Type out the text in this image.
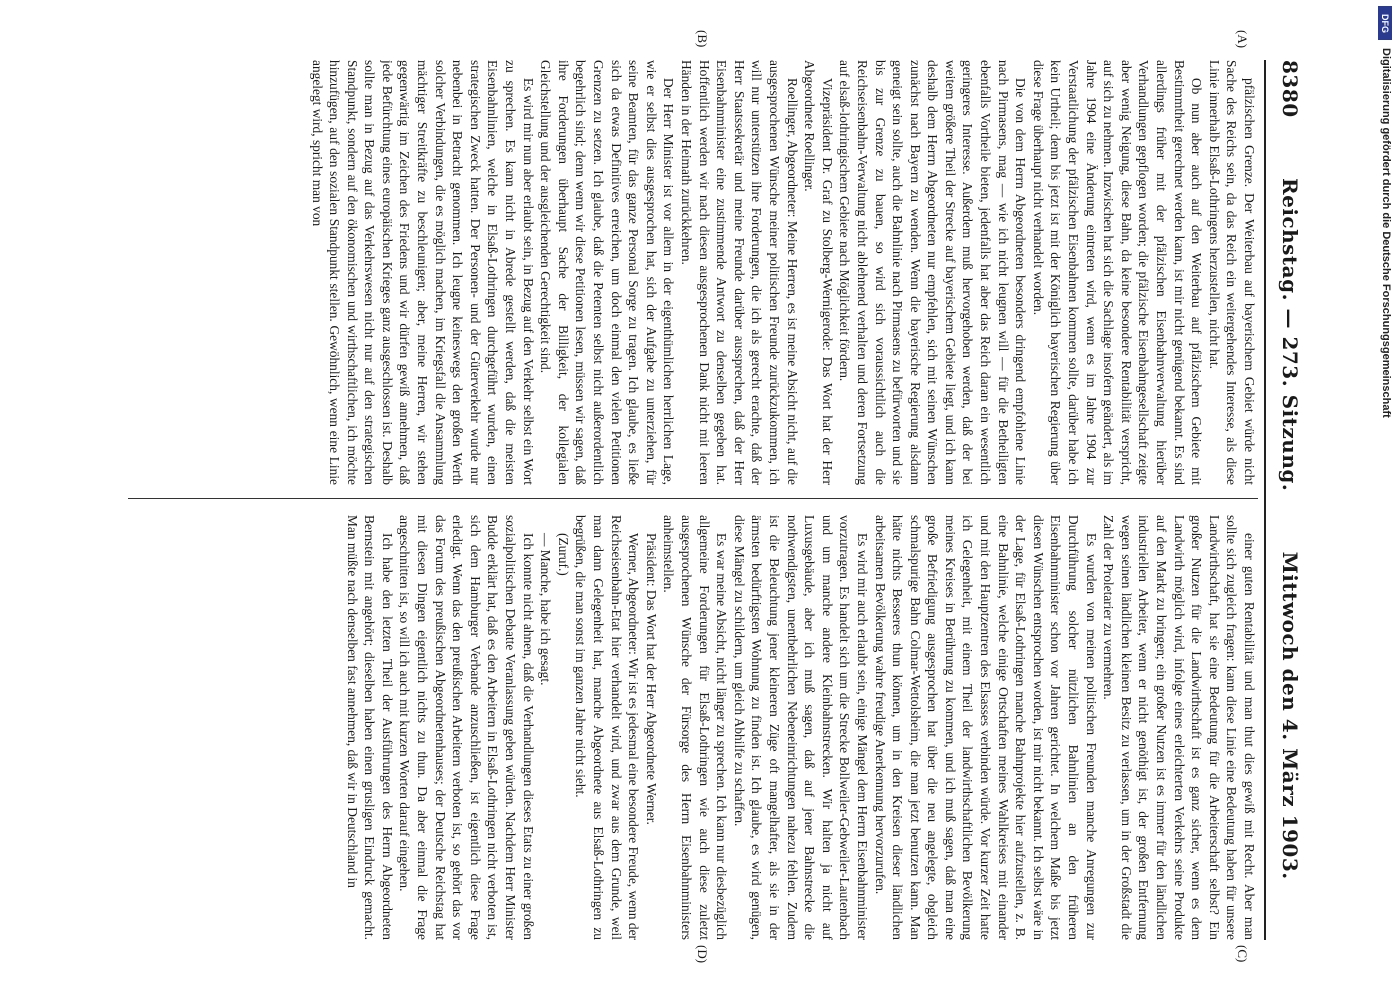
8380
Reichstag. — 273. Sitzung.
Mittwoch den 4. März 1903.
(A)
(B)
(C)
(D)

pfälzischen Grenze. Der Weiterbau auf bayerischem Gebiet würde nicht Sache des Reichs sein, da das Reich ein weitergehendes Interesse, als diese Linie innerhalb Elsaß-Lothringens herzustellen, nicht hat.

Ob nun aber auch auf den Weiterbau auf pfälzischem Gebiete mit Bestimmtheit gerechnet werden kann, ist mir nicht genügend bekannt. Es sind allerdings früher mit der pfälzischen Eisenbahnverwaltung hierüber Verhandlungen gepflogen worden; die pfälzische Eisenbahngesellschaft zeigte aber wenig Neigung, diese Bahn, da keine besondere Rentabilität verspricht, auf sich zu nehmen. Inzwischen hat sich die Sachlage insofern geändert, als im Jahre 1904 eine Änderung eintreten wird, wenn es im Jahre 1904 zur Verstaatlichung der pfälzischen Eisenbahnen kommen sollte, darüber habe ich kein Urtheil; denn bis jetzt ist mit der Königlich bayerischen Regierung über diese Frage überhaupt nicht verhandelt worden.

Die von dem Herrn Abgeordneten besonders dringend empfohlene Linie nach Pirmasens, mag — wie ich nicht leugnen will — für die Betheiligten ebenfalls Vortheile bieten, jedenfalls hat aber das Reich daran ein wesentlich geringeres Interesse. Außerdem muß hervorgehoben werden, daß der bei weitem größere Theil der Strecke auf bayerischem Gebiete liegt, und ich kann deshalb dem Herrn Abgeordneten nur empfehlen, sich mit seinen Wünschen zunächst nach Bayern zu wenden. Wenn die bayerische Regierung alsdann geneigt sein sollte, auch die Bahnlinie nach Pirmasens zu befürworten und sie bis zur Grenze zu bauen, so wird sich voraussichtlich auch die Reichseisenbahn-Verwaltung nicht ablehnend verhalten und deren Fortsetzung auf elsaß-lothringischem Gebiete nach Möglichkeit fördern.

Vizepräsident Dr. Graf zu Stolberg-Wernigerode: Das Wort hat der Herr Abgeordnete Roellinger.

Roellinger, Abgeordneter: Meine Herren, es ist meine Absicht nicht, auf die ausgesprochenen Wünsche meiner politischen Freunde zurückzukommen, ich will nur unterstützen ihre Forderungen, die ich als gerecht erachte, daß der Herr Staatssekretär und meine Freunde darüber aussprechen, daß der Herr Eisenbahnminister eine zustimmende Antwort zu denselben gegeben hat. Hoffentlich werden wir nach diesen ausgesprochenen Dank nicht mit leeren Händen in der Heimath zurückkehren.

Der Herr Minister ist vor allem in der eigenthümlichen herrlichen Lage, wie er selbst dies ausgesprochen hat, sich der Aufgabe zu unterziehen, für seine Beamten, für das ganze Personal Sorge zu tragen. Ich glaube, es ließe sich da etwas Definitives erreichen, um doch einmal den vielen Petitionen Grenzen zu setzen. Ich glaube, daß die Petenten selbst nicht außerordentlich begehrlich sind; denn wenn wir diese Petitionen lesen, müssen wir sagen, daß ihre Forderungen überhaupt Sache der Billigkeit, der kollegialen Gleichstellung und der ausgleichenden Gerechtigkeit sind.

Es wird mir nun aber erlaubt sein, in Bezug auf den Verkehr selbst ein Wort zu sprechen. Es kann nicht in Abrede gestellt werden, daß die meisten Eisenbahnlinien, welche in Elsaß-Lothringen durchgeführt wurden, einen strategischen Zweck hatten. Der Personen- und der Güterverkehr wurde nur nebenbei in Betracht genommen. Ich leugne keineswegs den großen Werth solcher Verbindungen, die es möglich machen, im Kriegsfall die Ansammlung mächtiger Streitkräfte zu beschleunigen; aber, meine Herren, wir stehen gegenwärtig im Zeichen des Friedens und wir dürfen gewiß annehmen, daß jede Befürchtung eines europäischen Krieges ganz ausgeschlossen ist. Deshalb sollte man in Bezug auf das Verkehrswesen nicht nur auf den strategischen Standpunkt, sondern auf den ökonomischen und wirthschaftlichen, ich möchte hinzufügen, auf den sozialen Standpunkt stellen. Gewöhnlich, wenn eine Linie angelegt wird, spricht man von

einer guten Rentabilität und man thut dies gewiß mit Recht. Aber man sollte sich zugleich fragen: kann diese Linie eine Bedeutung haben für unsere Landwirthschaft, hat sie eine Bedeutung für die Arbeiterschaft selbst? Ein großer Nutzen für die Landwirthschaft ist es ganz sicher, wenn es dem Landwirth möglich wird, infolge eines erleichterten Verkehrs seine Produkte auf den Markt zu bringen; ein großer Nutzen ist es immer für den ländlichen industriellen Arbeiter, wenn er nicht genöthigt ist, der großen Entfernung wegen seinen ländlichen kleinen Besitz zu verlassen, um in der Großstadt die Zahl der Proletarier zu vermehren.

Es wurden von meinen politischen Freunden manche Anregungen zur Durchführung solcher nützlichen Bahnlinien an den früheren Eisenbahnminister schon vor Jahren gerichtet. In welchem Maße bis jetzt diesen Wünschen entsprochen worden, ist mir nicht bekannt. Ich selbst wäre in der Lage, für Elsaß-Lothringen manche Bahnprojekte hier aufzustellen, z. B. eine Bahnlinie, welche einige Ortschaften meines Wahlkreises mit einander und mit den Hauptzentren des Elsasses verbinden würde. Vor kurzer Zeit hatte ich Gelegenheit, mit einem Theil der landwirthschaftlichen Bevölkerung meines Kreises in Berührung zu kommen, und ich muß sagen, daß man eine große Befriedigung ausgesprochen hat über die neu angelegte, obgleich schmalspurige Bahn Colmar-Wettolsheim, die man jetzt benutzen kann. Man hätte nichts Besseres thun können, um in den Kreisen dieser ländlichen arbeitsamen Bevölkerung wahre freudige Anerkennung hervorzurufen.

Es wird mir auch erlaubt sein, einige Mängel dem Herrn Eisenbahnminister vorzutragen. Es handelt sich um die Strecke Bollweiler-Gebweiler-Lautenbach und um manche andere Kleinbahnstrecken. Wir halten ja nicht auf Luxusgebäude, aber ich muß sagen, daß auf jener Bahnstrecke die nothwendigsten, unentbehrlichen Nebeneinrichtungen nahezu fehlen. Zudem ist die Beleuchtung jener kleineren Züge oft mangelhafter, als sie in der ärmsten bedürftigsten Wohnung zu finden ist. Ich glaube, es wird genügen, diese Mängel zu schildern, um gleich Abhilfe zu schaffen.

Es war meine Absicht, nicht länger zu sprechen. Ich kann nur diesbezüglich allgemeine Forderungen für Elsaß-Lothringen wie auch diese zuletzt ausgesprochenen Wünsche der Fürsorge des Herrn Eisenbahnministers anheimstellen.

Präsident: Das Wort hat der Herr Abgeordnete Werner.

Werner, Abgeordneter: Wir ist es jedesmal eine besondere Freude, wenn der Reichseisenbahn-Etat hier verhandelt wird, und zwar aus dem Grunde, weil man dann Gelegenheit hat, manche Abgeordnete aus Elsaß-Lothringen zu begrüßen, die man sonst im ganzen Jahre nicht sieht.

(Zuruf.)

— Manche, habe ich gesagt.

Ich konnte nicht ahnen, daß die Verhandlungen dieses Etats zu einer großen sozialpolitischen Debatte Veranlassung geben würden. Nachdem Herr Minister Budde erklärt hat, daß es den Arbeitern in Elsaß-Lothringen nicht verboten ist, sich dem Hamburger Verbande anzuschließen, ist eigentlich diese Frage erledigt. Wenn das den preußischen Arbeitern verboten ist, so gehört das vor das Forum des preußischen Abgeordnetenhauses; der Deutsche Reichstag hat mit diesen Dingen eigentlich nichts zu thun. Da aber einmal die Frage angeschnitten ist, so will ich auch mit kurzen Worten darauf eingehen.

Ich habe den letzten Theil der Ausführungen des Herrn Abgeordneten Bernstein mit angehört; dieselben haben einen grusligen Eindruck gemacht. Man müßte nach denselben fast annehmen, daß wir in Deutschland in

DFG
Digitalisierung gefördert durch die Deutsche Forschungsgemeinschaft
